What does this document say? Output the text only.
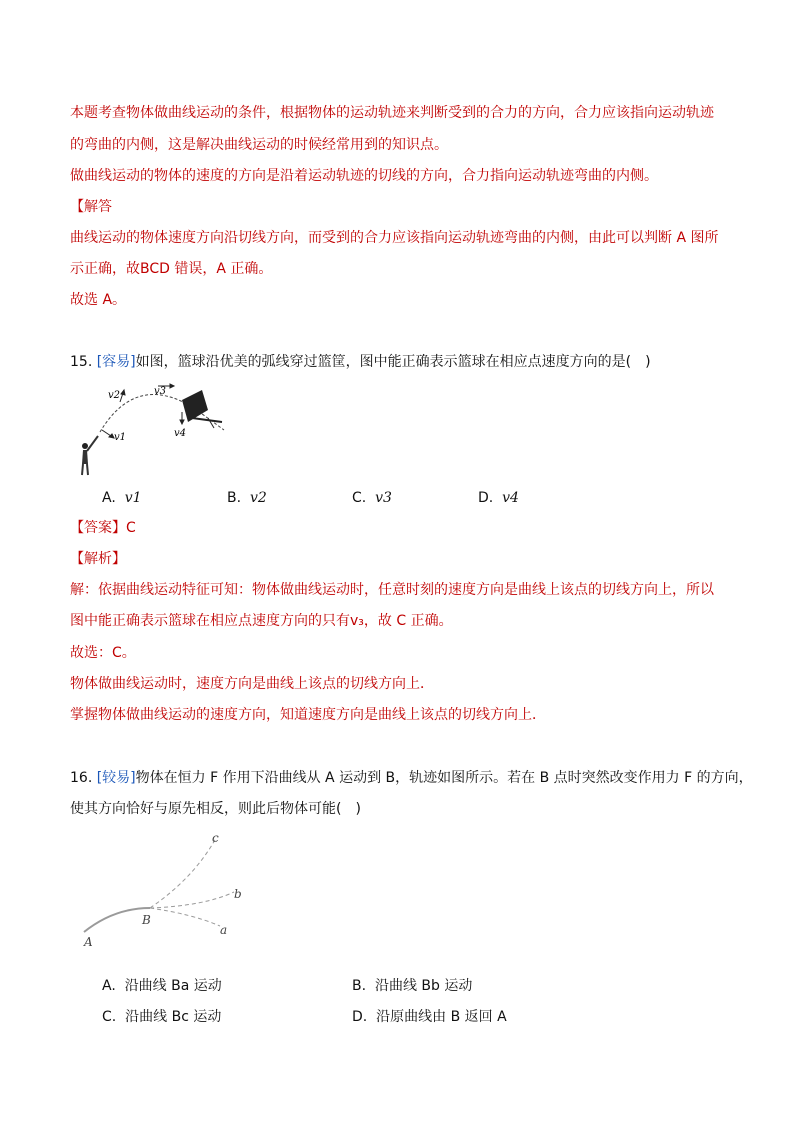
本题考查物体做曲线运动的条件，根据物体的运动轨迹来判断受到的合力的方向，合力应该指向运动轨迹
的弯曲的内侧，这是解决曲线运动的时候经常用到的知识点。
做曲线运动的物体的速度的方向是沿着运动轨迹的切线的方向，合力指向运动轨迹弯曲的内侧。
【解答
曲线运动的物体速度方向沿切线方向，而受到的合力应该指向运动轨迹弯曲的内侧，由此可以判断 A 图所
示正确，故BCD 错误，A 正确。
故选 A。
15. [容易]如图，篮球沿优美的弧线穿过篮筐，图中能正确表示篮球在相应点速度方向的是(　)
v1
v2	v3
v4
A. v1	B. v2	C. v3	D. v4
【答案】C
【解析】
解：依据曲线运动特征可知：物体做曲线运动时，任意时刻的速度方向是曲线上该点的切线方向上，所以
图中能正确表示篮球在相应点速度方向的只有v₃，故 C 正确。
故选：C。
物体做曲线运动时，速度方向是曲线上该点的切线方向上．
掌握物体做曲线运动的速度方向，知道速度方向是曲线上该点的切线方向上．
16. [较易]物体在恒力 F 作用下沿曲线从 A 运动到 B，轨迹如图所示。若在 B 点时突然改变作用力 F 的方向，
使其方向恰好与原先相反，则此后物体可能(　)
A
B
a
b
c
A. 沿曲线 Ba 运动	B. 沿曲线 Bb 运动
C. 沿曲线 Bc 运动	D. 沿原曲线由 B 返回 A
